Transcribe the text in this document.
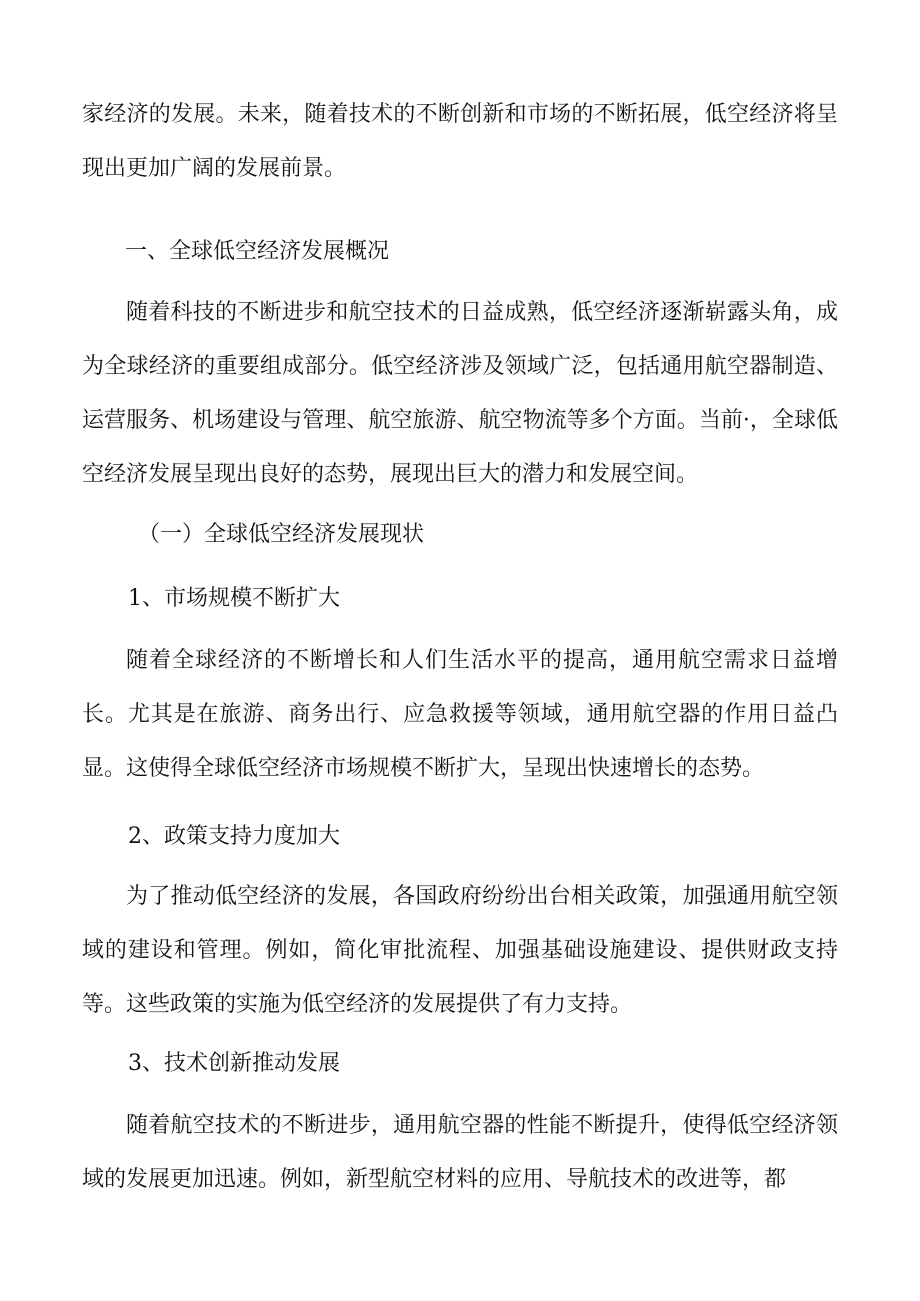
家经济的发展。未来，随着技术的不断创新和市场的不断拓展，低空经济将呈现出更加广阔的发展前景。

一、全球低空经济发展概况

随着科技的不断进步和航空技术的日益成熟，低空经济逐渐崭露头角，成为全球经济的重要组成部分。低空经济涉及领域广泛，包括通用航空器制造、运营服务、机场建设与管理、航空旅游、航空物流等多个方面。当前·，全球低空经济发展呈现出良好的态势，展现出巨大的潜力和发展空间。

（一）全球低空经济发展现状

1、市场规模不断扩大

随着全球经济的不断增长和人们生活水平的提高，通用航空需求日益增长。尤其是在旅游、商务出行、应急救援等领域，通用航空器的作用日益凸显。这使得全球低空经济市场规模不断扩大，呈现出快速增长的态势。

2、政策支持力度加大

为了推动低空经济的发展，各国政府纷纷出台相关政策，加强通用航空领域的建设和管理。例如，简化审批流程、加强基础设施建设、提供财政支持等。这些政策的实施为低空经济的发展提供了有力支持。

3、技术创新推动发展

随着航空技术的不断进步，通用航空器的性能不断提升，使得低空经济领域的发展更加迅速。例如，新型航空材料的应用、导航技术的改进等，都
